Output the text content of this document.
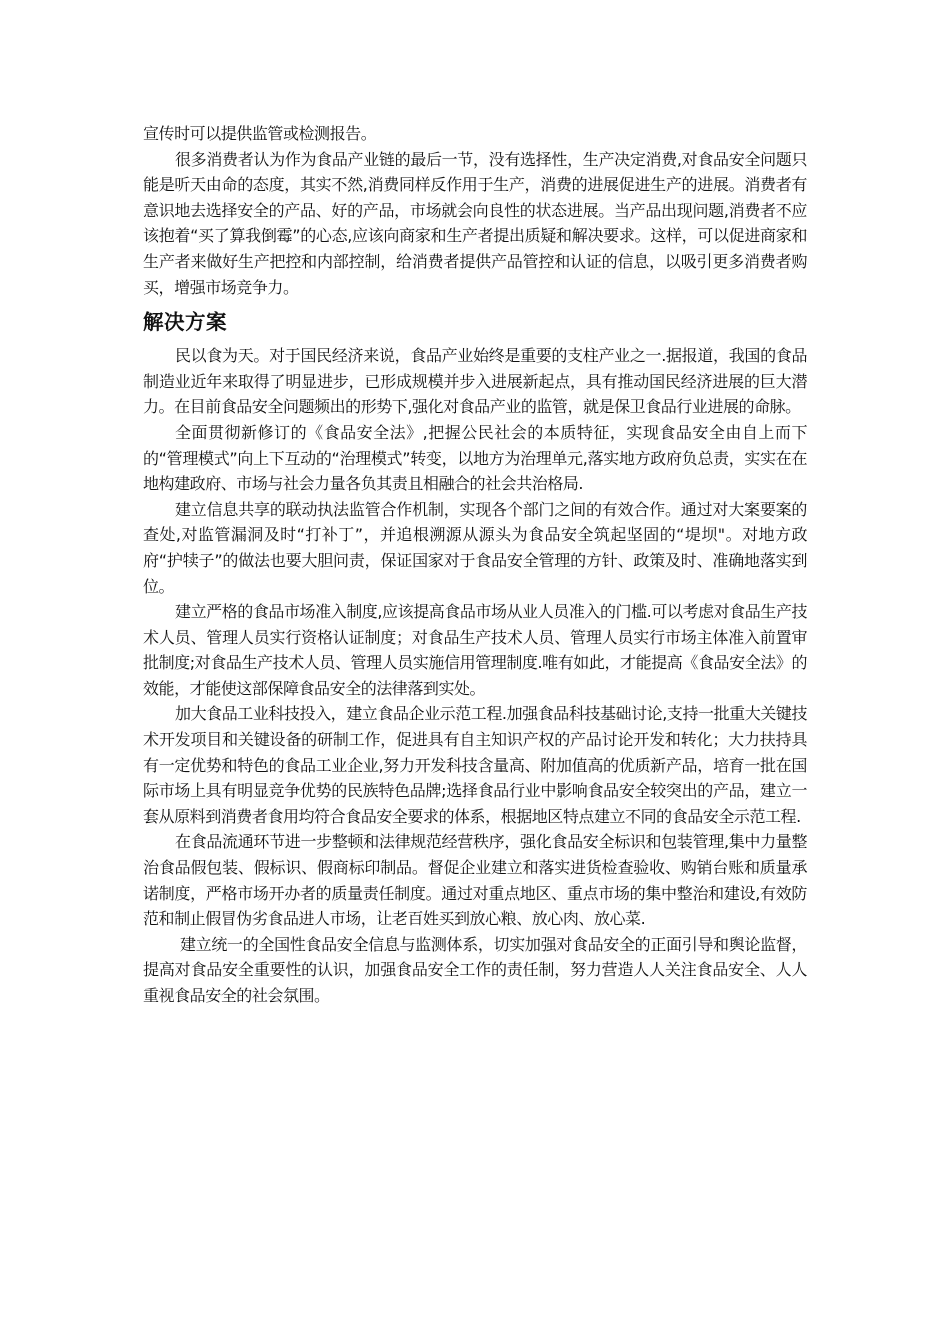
宣传时可以提供监管或检测报告。

很多消费者认为作为食品产业链的最后一节，没有选择性，生产决定消费,对食品安全问题只能是听天由命的态度，其实不然,消费同样反作用于生产，消费的进展促进生产的进展。消费者有意识地去选择安全的产品、好的产品，市场就会向良性的状态进展。当产品出现问题,消费者不应该抱着“买了算我倒霉”的心态,应该向商家和生产者提出质疑和解决要求。这样，可以促进商家和生产者来做好生产把控和内部控制，给消费者提供产品管控和认证的信息，以吸引更多消费者购买，增强市场竞争力。

解决方案

民以食为天。对于国民经济来说，食品产业始终是重要的支柱产业之一.据报道，我国的食品制造业近年来取得了明显进步，已形成规模并步入进展新起点，具有推动国民经济进展的巨大潜力。在目前食品安全问题频出的形势下,强化对食品产业的监管，就是保卫食品行业进展的命脉。

全面贯彻新修订的《食品安全法》,把握公民社会的本质特征，实现食品安全由自上而下的“管理模式”向上下互动的“治理模式”转变，以地方为治理单元,落实地方政府负总责，实实在在地构建政府、市场与社会力量各负其责且相融合的社会共治格局.

建立信息共享的联动执法监管合作机制，实现各个部门之间的有效合作。通过对大案要案的查处,对监管漏洞及时“打补丁”，并追根溯源从源头为食品安全筑起坚固的“堤坝"。对地方政府“护犊子”的做法也要大胆问责，保证国家对于食品安全管理的方针、政策及时、准确地落实到位。

建立严格的食品市场准入制度,应该提高食品市场从业人员准入的门槛.可以考虑对食品生产技术人员、管理人员实行资格认证制度；对食品生产技术人员、管理人员实行市场主体准入前置审批制度;对食品生产技术人员、管理人员实施信用管理制度.唯有如此，才能提高《食品安全法》的效能，才能使这部保障食品安全的法律落到实处。

加大食品工业科技投入，建立食品企业示范工程.加强食品科技基础讨论,支持一批重大关键技术开发项目和关键设备的研制工作，促进具有自主知识产权的产品讨论开发和转化；大力扶持具有一定优势和特色的食品工业企业,努力开发科技含量高、附加值高的优质新产品，培育一批在国际市场上具有明显竞争优势的民族特色品牌;选择食品行业中影响食品安全较突出的产品，建立一套从原料到消费者食用均符合食品安全要求的体系，根据地区特点建立不同的食品安全示范工程.

在食品流通环节进一步整顿和法律规范经营秩序，强化食品安全标识和包装管理,集中力量整治食品假包装、假标识、假商标印制品。督促企业建立和落实进货检查验收、购销台账和质量承诺制度，严格市场开办者的质量责任制度。通过对重点地区、重点市场的集中整治和建设,有效防范和制止假冒伪劣食品进人市场，让老百姓买到放心粮、放心肉、放心菜.

建立统一的全国性食品安全信息与监测体系，切实加强对食品安全的正面引导和舆论监督，提高对食品安全重要性的认识，加强食品安全工作的责任制，努力营造人人关注食品安全、人人重视食品安全的社会氛围。
